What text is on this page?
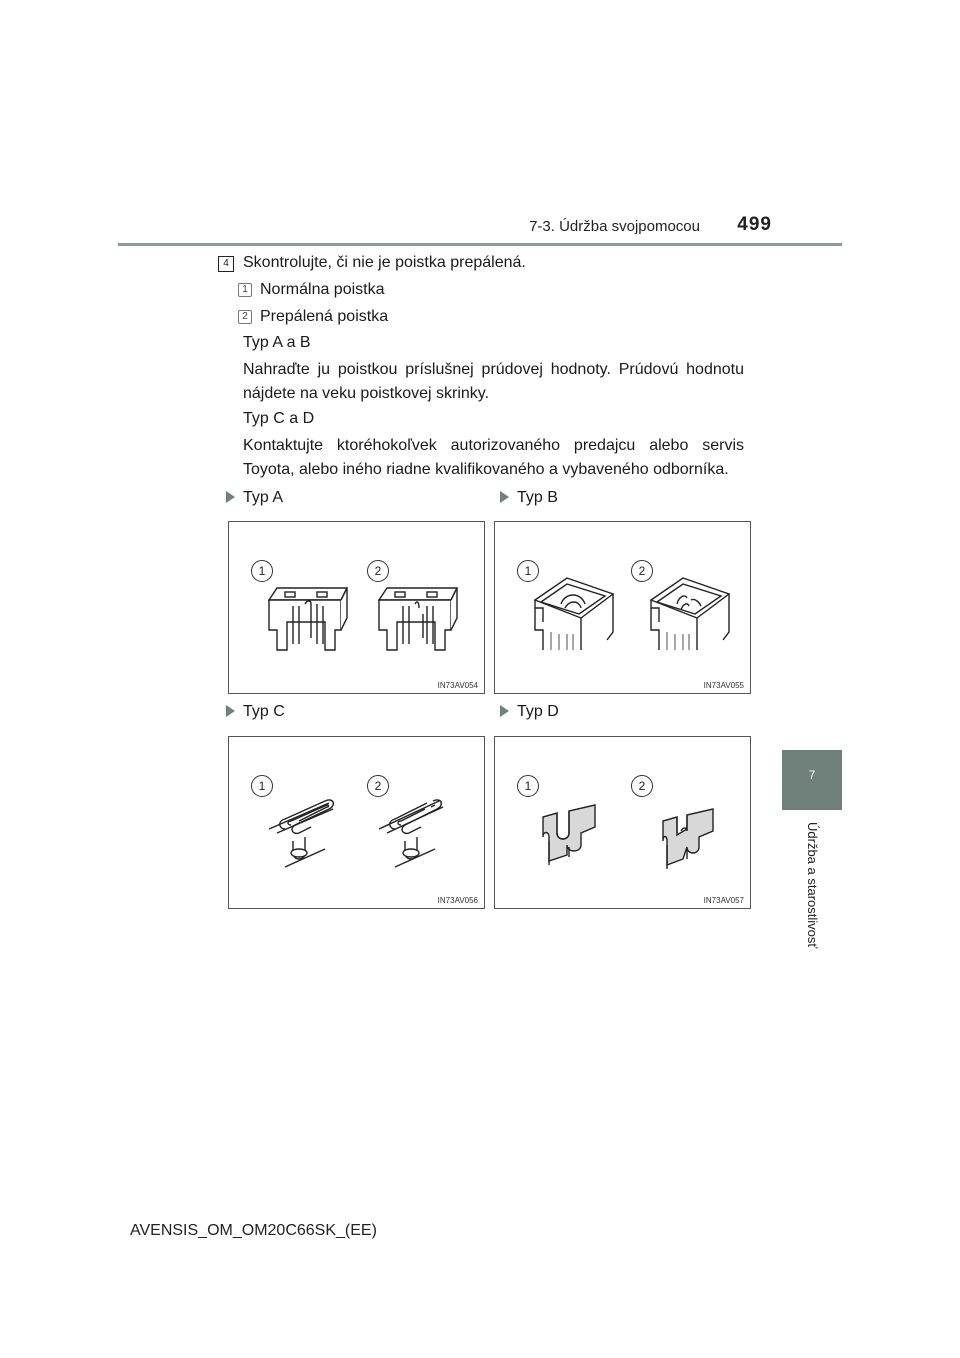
7-3. Údržba svojpomocou	499
7
Údržba a starostlivosť
4 Skontrolujte, či nie je poistka prepálená.
1 Normálna poistka
2 Prepálená poistka
Typ A a B
Nahraďte ju poistkou príslušnej prúdovej hodnoty. Prúdovú hodnotu
nájdete na veku poistkovej skrinky.
Typ C a D
Kontaktujte ktoréhokoľvek autorizovaného predajcu alebo servis
Toyota, alebo iného riadne kvalifikovaného a vybaveného odborníka.
Typ A	Typ B
Typ C	Typ D
1	2
IN73AV054
1	2
IN73AV055
1	2
IN73AV056
1	2
IN73AV057
AVENSIS_OM_OM20C66SK_(EE)
